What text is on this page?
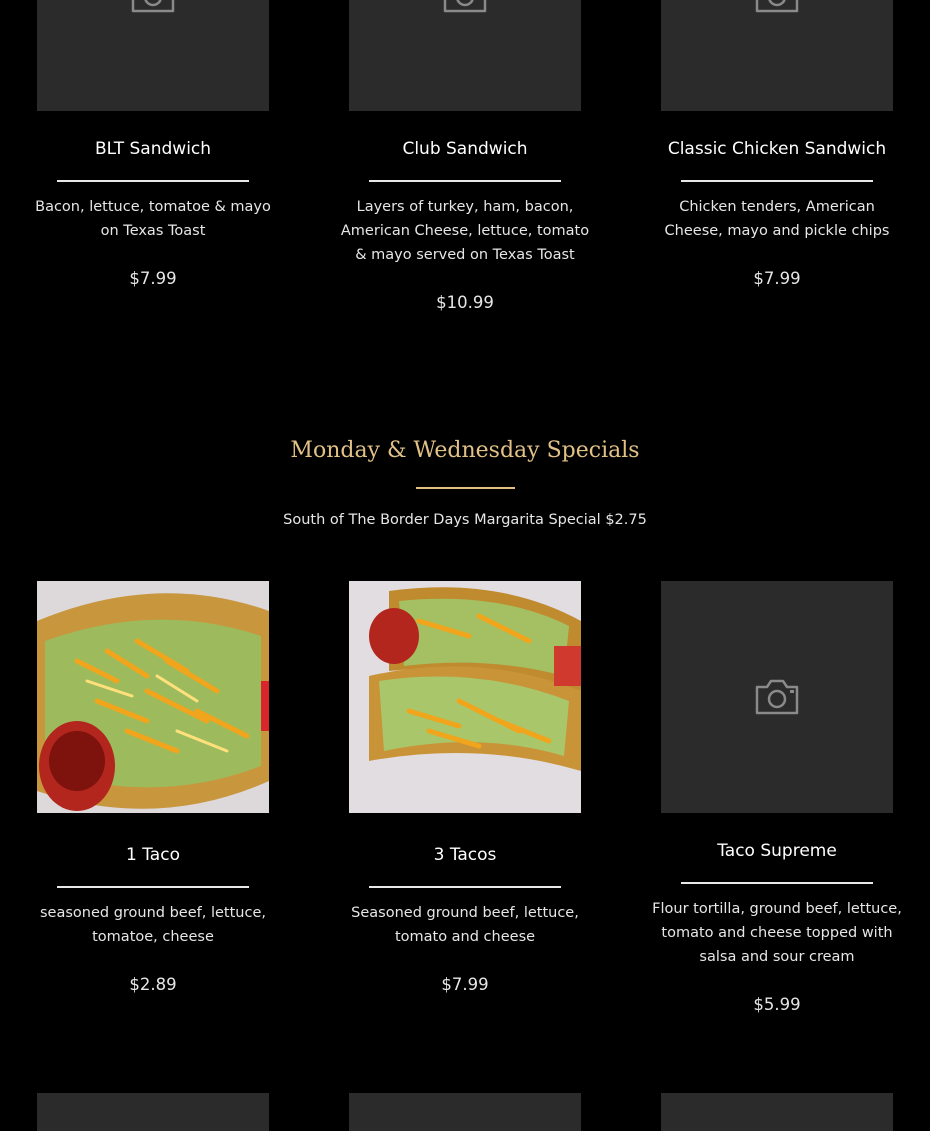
BLT Sandwich
Bacon, lettuce, tomatoe & mayo on Texas Toast
$7.99
Club Sandwich
Layers of turkey, ham, bacon, American Cheese, lettuce, tomato & mayo served on Texas Toast
$10.99
Classic Chicken Sandwich
Chicken tenders, American Cheese, mayo and pickle chips
$7.99
Monday & Wednesday Specials
South of The Border Days Margarita Special $2.75
1 Taco
seasoned ground beef, lettuce, tomatoe, cheese
$2.89
3 Tacos
Seasoned ground beef, lettuce, tomato and cheese
$7.99
Taco Supreme
Flour tortilla, ground beef, lettuce, tomato and cheese topped with salsa and sour cream
$5.99
